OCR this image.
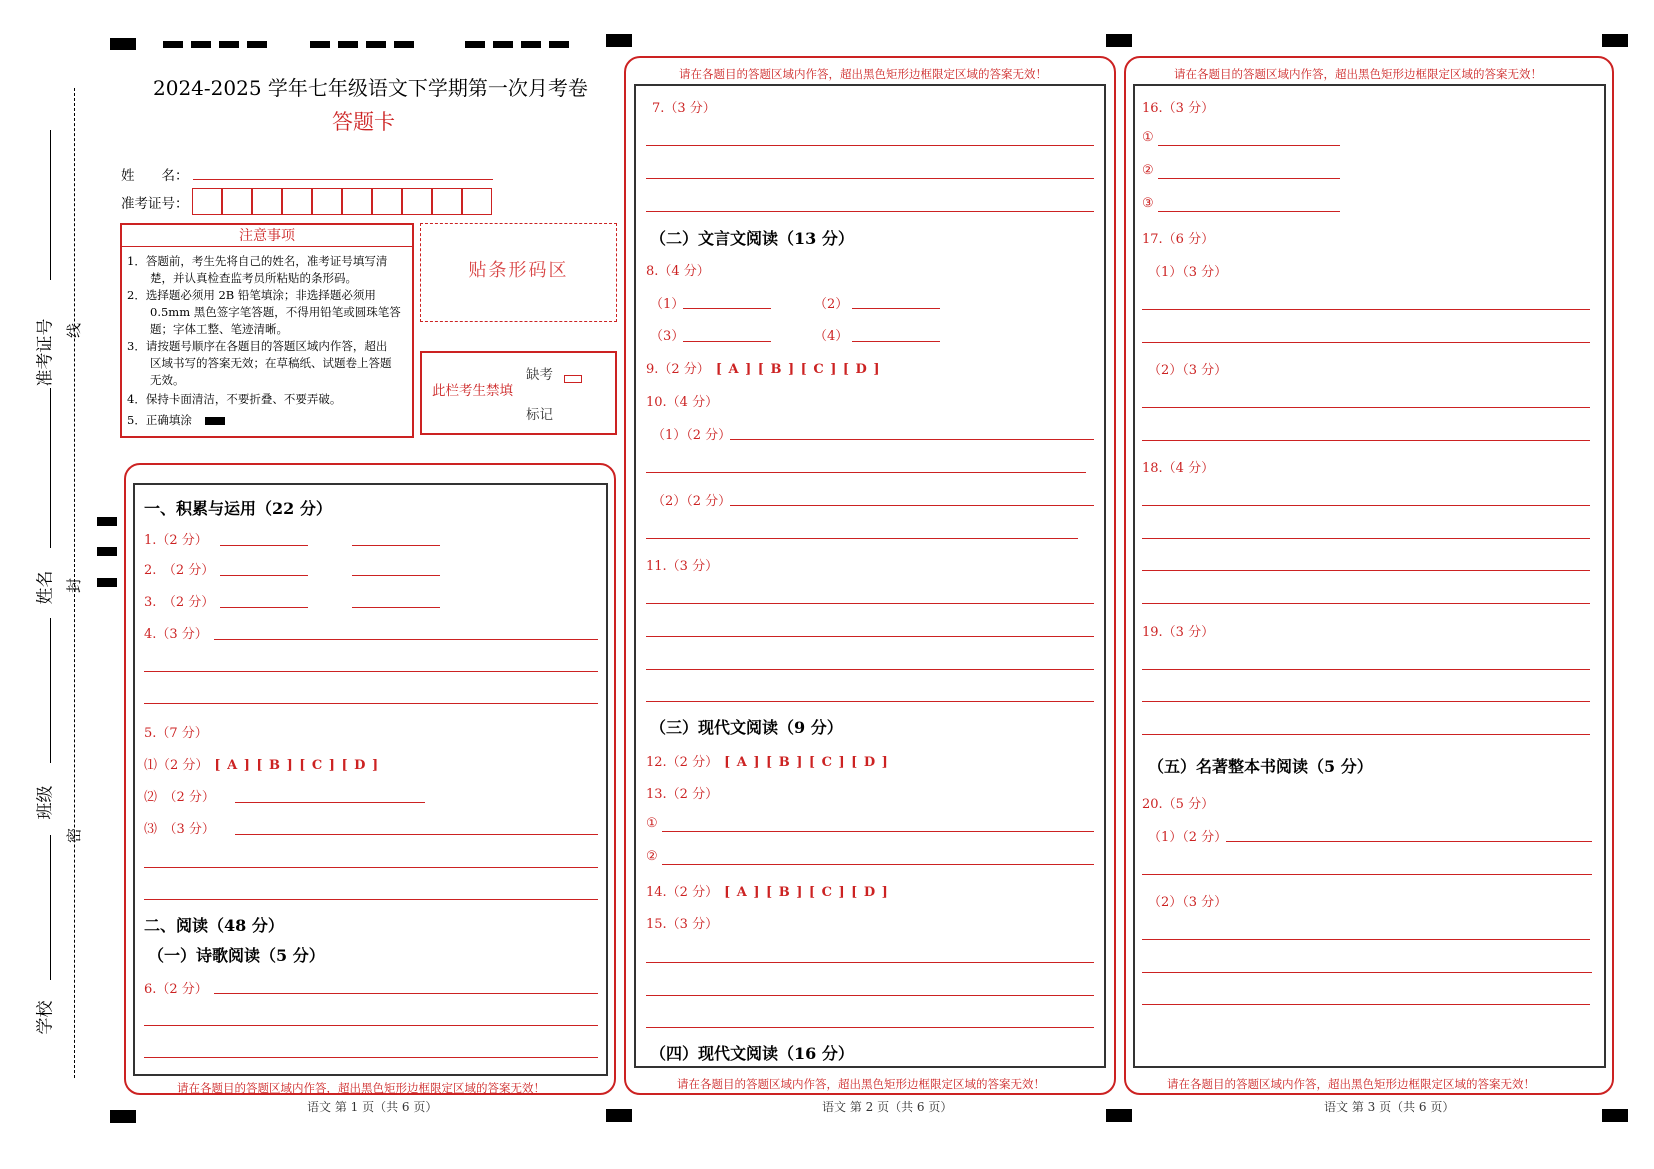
准考证号
姓名
班级
学校
线
封
密
2024-2025 学年七年级语文下学期第一次月考卷
答题卡
姓　　名：
准考证号：
注意事项
1．答题前，考生先将自己的姓名，准考证号填写清
　　楚，并认真检查监考员所粘贴的条形码。
2．选择题必须用 2B 铅笔填涂；非选择题必须用
　　0.5mm 黑色签字笔答题，不得用铅笔或圆珠笔答
　　题；字体工整、笔迹清晰。
3．请按题号顺序在各题目的答题区域内作答，超出
　　区域书写的答案无效；在草稿纸、试题卷上答题
　　无效。
4．保持卡面清洁，不要折叠、不要弄破。
5．正确填涂
贴条形码区
此栏考生禁填
缺考
标记
请在各题目的答题区域内作答，超出黑色矩形边框限定区域的答案无效！	请在各题目的答题区域内作答，超出黑色矩形边框限定区域的答案无效！
请在各题目的答题区域内作答，超出黑色矩形边框限定区域的答案无效！	请在各题目的答题区域内作答，超出黑色矩形边框限定区域的答案无效！	请在各题目的答题区域内作答，超出黑色矩形边框限定区域的答案无效！
语文 第 1 页（共 6 页）	语文 第 2 页（共 6 页）	语文 第 3 页（共 6 页）
一、积累与运用（22 分）
1.（2 分）
2.　（2 分）
3.　（2 分）
4.（3 分）
5.（7 分）
⑴（2 分） [ A ] [ B ] [ C ] [ D ]
⑵　（2 分）
⑶　（3 分）
二、阅读（48 分）
（一）诗歌阅读（5 分）
6.（2 分）
7.（3 分）
（二）文言文阅读（13 分）
8.（4 分）
（1）	（2）
（3）	（4）
9.（2 分） [ A ] [ B ] [ C ] [ D ]
10.（4 分）
（1）（2 分）
（2）（2 分）
11.（3 分）
（三）现代文阅读（9 分）
12.（2 分） [ A ] [ B ] [ C ] [ D ]
13.（2 分）
①
②
14.（2 分） [ A ] [ B ] [ C ] [ D ]
15.（3 分）
（四）现代文阅读（16 分）
16.（3 分）
①
②
③
17.（6 分）
（1）（3 分）
（2）（3 分）
18.（4 分）
19.（3 分）
（五）名著整本书阅读（5 分）
20.（5 分）
（1）（2 分）
（2）（3 分）
